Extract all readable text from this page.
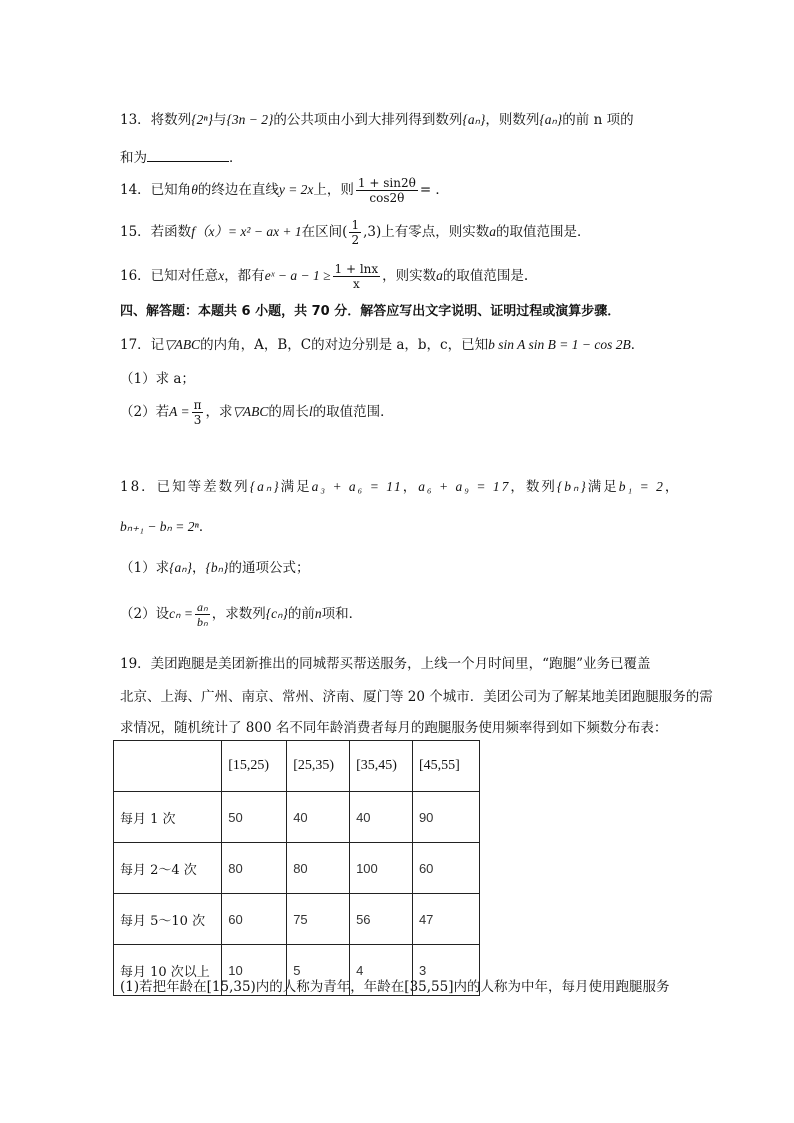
13．将数列{2ⁿ}与{3n − 2}的公共项由小到大排列得到数列{aₙ}，则数列{aₙ}的前 n 项的
和为	．
14．已知角θ的终边在直线y = 2x上，则 $\frac{1 + \sin 2\theta}{\cos 2\theta}$ = ．
15．若函数f（x）= x² − ax + 1在区间( $\frac{1}{2} ,3$)上有零点，则实数a的取值范围是．
16．已知对任意x，都有eˣ − $a - 1 \ge \frac{1 + \ln x}{x}$ ，则实数a的取值范围是.
四、解答题：本题共 6 小题，共 70 分．解答应写出文字说明、证明过程或演算步骤．
17．记▽ABC的内角，A，B，C的对边分别是 a，b，c，已知b sin A sin B = 1 − cos 2B．
（1）求 a；
（2）若$A = \frac{\pi}{3}$ ，求▽ABC的周长l的取值范围．
18．已知等差数列{aₙ}满足a₃ + a₆ = 11，a₆ + a₉ = 17，数列{bₙ}满足b₁ = 2，
bₙ₊₁ − bₙ = 2ⁿ．
（1）求{aₙ}，{bₙ}的通项公式；
（2）设$c_n = \frac{\text{aₙ}}{\text{bₙ}}$ ，求数列{cₙ}的前n项和．
19．美团跑腿是美团新推出的同城帮买帮送服务，上线一个月时间里，“跑腿”业务已覆盖
北京、上海、广州、南京、常州、济南、厦门等 20 个城市．美团公司为了解某地美团跑腿服务的需
求情况，随机统计了 800 名不同年龄消费者每月的跑腿服务使用频率得到如下频数分布表：
	[15,25)	[25,35)	[35,45)	[45,55]
每月 1 次	50	40	40	90
每月 2～4 次	80	80	100	60
每月 5～10 次	60	75	56	47
每月 10 次以上	10	5	4	3
(1)若把年龄在[15,35)内的人称为青年，年龄在[35,55]内的人称为中年，每月使用跑腿服务
